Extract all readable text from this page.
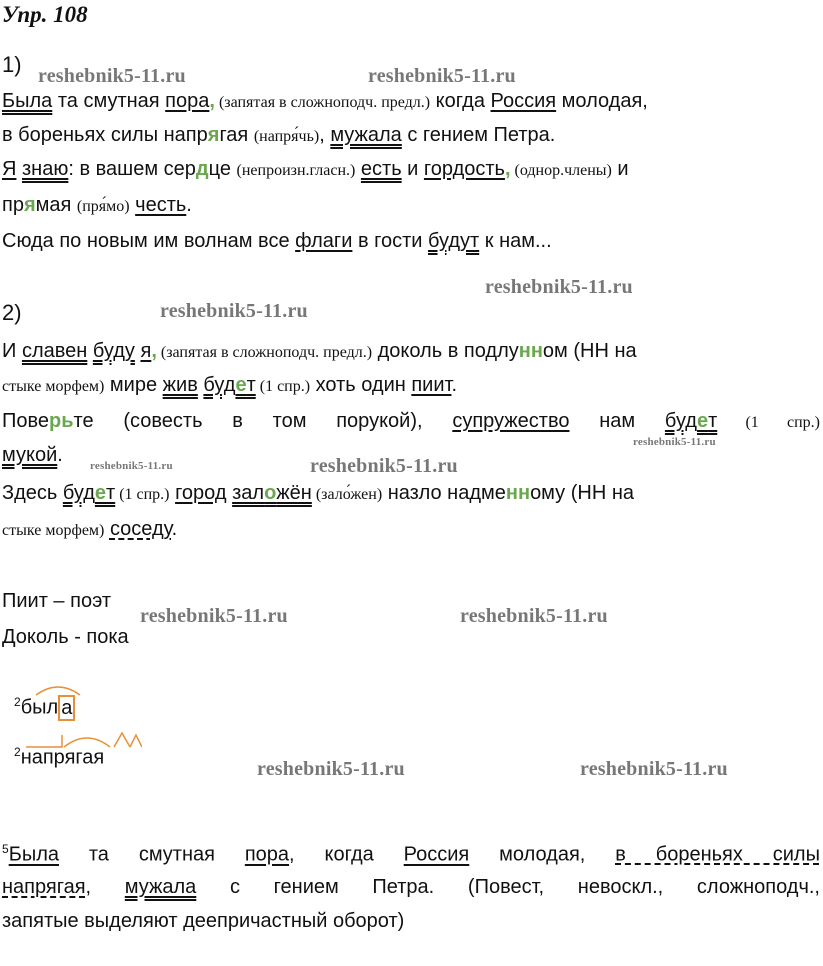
Упр. 108
reshebnik5-11.ru	reshebnik5-11.ru
reshebnik5-11.ru
reshebnik5-11.ru
reshebnik5-11.ru
reshebnik5-11.ru	reshebnik5-11.ru
reshebnik5-11.ru	reshebnik5-11.ru
reshebnik5-11.ru	reshebnik5-11.ru
1)
Была та смутная пора, (запятая в сложноподч. предл.) когда Россия молодая,
в бореньях силы напрягая (напря́чь), мужала с гением Петра.
Я знаю: в вашем сердце (непроизн.гласн.) есть и гордость, (однор.члены) и
прямая (пря́мо) честь.
Сюда по новым им волнам все флаги в гости будут к нам...
2)
И славен буду я, (запятая в сложноподч. предл.) доколь в подлунном (НН на
стыке морфем) мире жив будет (1 спр.) хоть один пиит.
Поверьте (совесть в том порукой), супружество нам будет (1 спр.)
мукой.
Здесь будет (1 спр.) город заложён (зало́жен) назло надменному (НН на
стыке морфем) соседу.
Пиит – поэт
Доколь - пока
$^2$был а
$^2$напрягая
$^5$Была та смутная пора, когда Россия молодая, в бореньях силы
напрягая, мужала с гением Петра. (Повест, невоскл., сложноподч.,
запятые выделяют деепричастный оборот)
